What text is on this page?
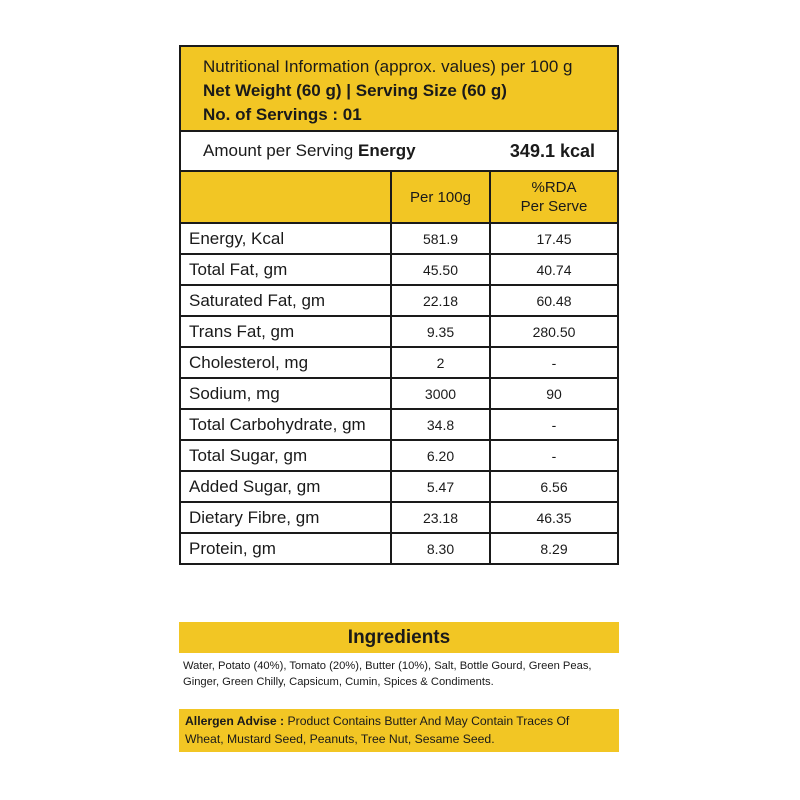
Nutritional Information (approx. values) per 100 g
Net Weight (60 g) | Serving Size (60 g)
No. of Servings : 01
Amount per Serving Energy	349.1 kcal
	Per 100g	%RDA
Per Serve
Energy, Kcal	581.9	17.45
Total Fat, gm	45.50	40.74
Saturated Fat, gm	22.18	60.48
Trans Fat, gm	9.35	280.50
Cholesterol, mg	2	-
Sodium, mg	3000	90
Total Carbohydrate, gm	34.8	-
Total Sugar, gm	6.20	-
Added Sugar, gm	5.47	6.56
Dietary Fibre, gm	23.18	46.35
Protein, gm	8.30	8.29
Ingredients
Water, Potato (40%), Tomato (20%), Butter (10%), Salt, Bottle Gourd, Green Peas,
Ginger, Green Chilly, Capsicum, Cumin, Spices & Condiments.
Allergen Advise : Product Contains Butter And May Contain Traces Of
Wheat, Mustard Seed, Peanuts, Tree Nut, Sesame Seed.
